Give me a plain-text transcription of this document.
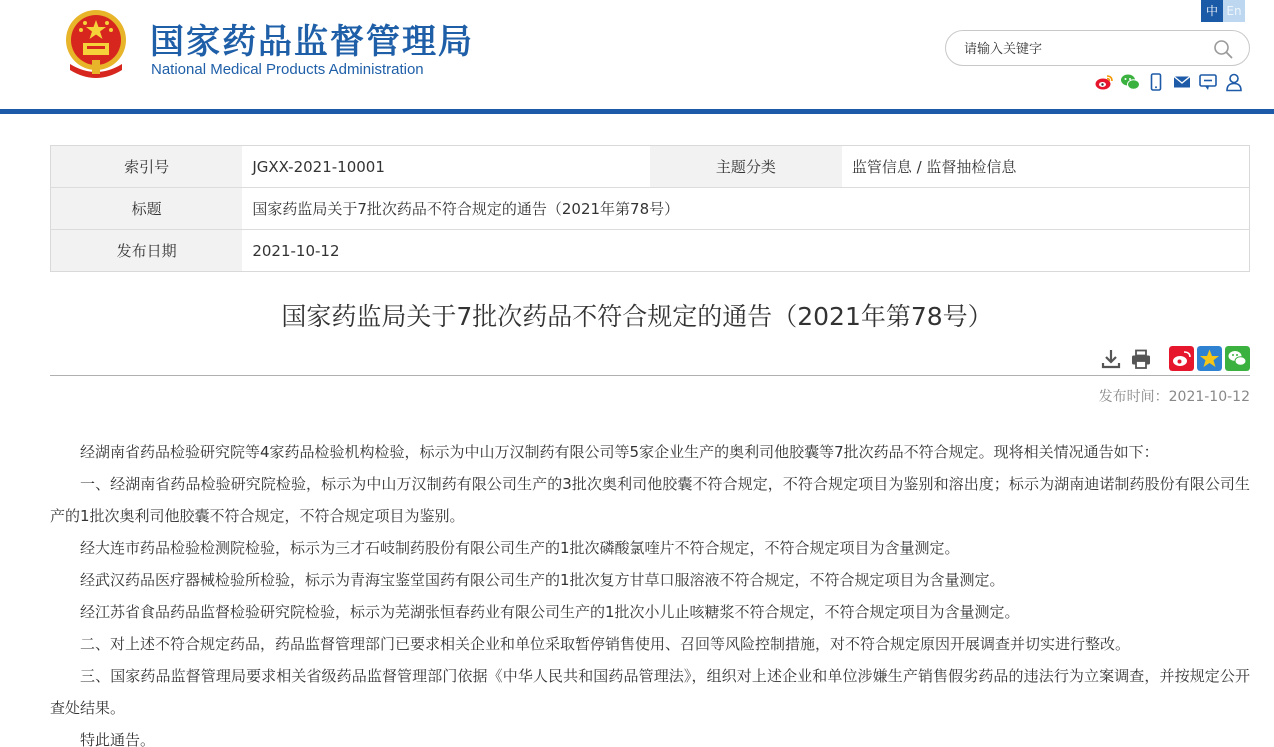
国家药品监督管理局
National Medical Products Administration
中 En
请输入关键字
索引号	JGXX-2021-10001	主题分类	监管信息 / 监督抽检信息
标题	国家药监局关于7批次药品不符合规定的通告（2021年第78号）		
发布日期	2021-10-12		
国家药监局关于7批次药品不符合规定的通告（2021年第78号）
发布时间：2021-10-12

经湖南省药品检验研究院等4家药品检验机构检验，标示为中山万汉制药有限公司等5家企业生产的奥利司他胶囊等7批次药品不符合规定。现将相关情况通告如下：

一、经湖南省药品检验研究院检验，标示为中山万汉制药有限公司生产的3批次奥利司他胶囊不符合规定，不符合规定项目为鉴别和溶出度；标示为湖南迪诺制药股份有限公司生产的1批次奥利司他胶囊不符合规定，不符合规定项目为鉴别。

经大连市药品检验检测院检验，标示为三才石岐制药股份有限公司生产的1批次磷酸氯喹片不符合规定，不符合规定项目为含量测定。

经武汉药品医疗器械检验所检验，标示为青海宝鉴堂国药有限公司生产的1批次复方甘草口服溶液不符合规定，不符合规定项目为含量测定。

经江苏省食品药品监督检验研究院检验，标示为芜湖张恒春药业有限公司生产的1批次小儿止咳糖浆不符合规定，不符合规定项目为含量测定。

二、对上述不符合规定药品，药品监督管理部门已要求相关企业和单位采取暂停销售使用、召回等风险控制措施，对不符合规定原因开展调查并切实进行整改。

三、国家药品监督管理局要求相关省级药品监督管理部门依据《中华人民共和国药品管理法》，组织对上述企业和单位涉嫌生产销售假劣药品的违法行为立案调查，并按规定公开查处结果。

特此通告。
